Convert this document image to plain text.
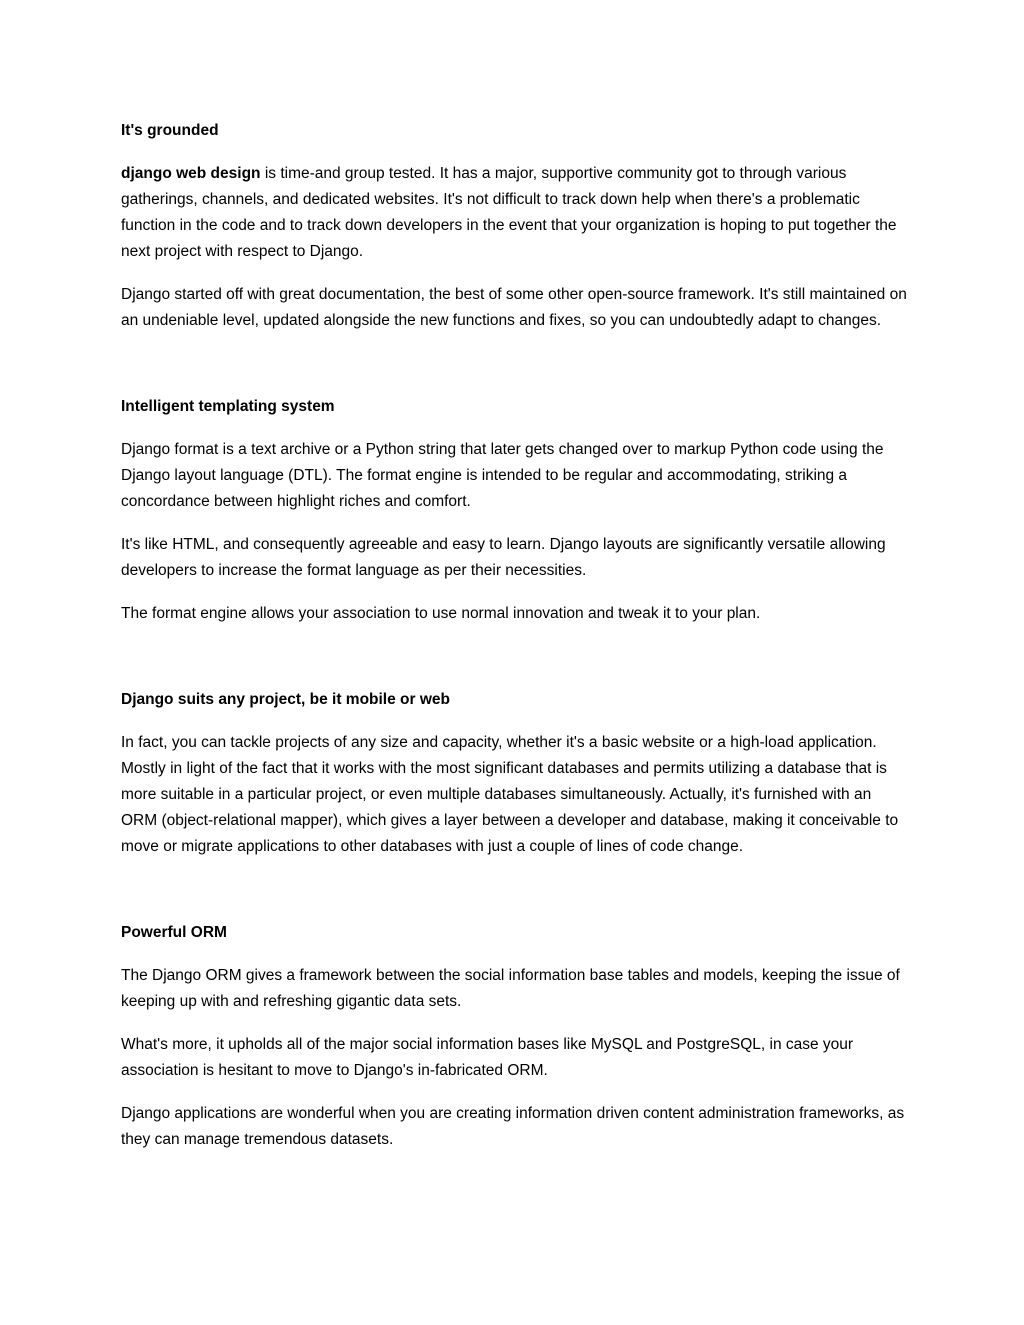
It's grounded

django web design is time-and group tested. It has a major, supportive community got to through various gatherings, channels, and dedicated websites. It's not difficult to track down help when there's a problematic function in the code and to track down developers in the event that your organization is hoping to put together the next project with respect to Django.

Django started off with great documentation, the best of some other open-source framework. It's still maintained on an undeniable level, updated alongside the new functions and fixes, so you can undoubtedly adapt to changes.

Intelligent templating system

Django format is a text archive or a Python string that later gets changed over to markup Python code using the Django layout language (DTL). The format engine is intended to be regular and accommodating, striking a concordance between highlight riches and comfort.

It's like HTML, and consequently agreeable and easy to learn. Django layouts are significantly versatile allowing developers to increase the format language as per their necessities.

The format engine allows your association to use normal innovation and tweak it to your plan.

Django suits any project, be it mobile or web

In fact, you can tackle projects of any size and capacity, whether it's a basic website or a high-load application. Mostly in light of the fact that it works with the most significant databases and permits utilizing a database that is more suitable in a particular project, or even multiple databases simultaneously. Actually, it's furnished with an ORM (object-relational mapper), which gives a layer between a developer and database, making it conceivable to move or migrate applications to other databases with just a couple of lines of code change.

Powerful ORM

The Django ORM gives a framework between the social information base tables and models, keeping the issue of keeping up with and refreshing gigantic data sets.

What's more, it upholds all of the major social information bases like MySQL and PostgreSQL, in case your association is hesitant to move to Django's in-fabricated ORM.

Django applications are wonderful when you are creating information driven content administration frameworks, as they can manage tremendous datasets.
